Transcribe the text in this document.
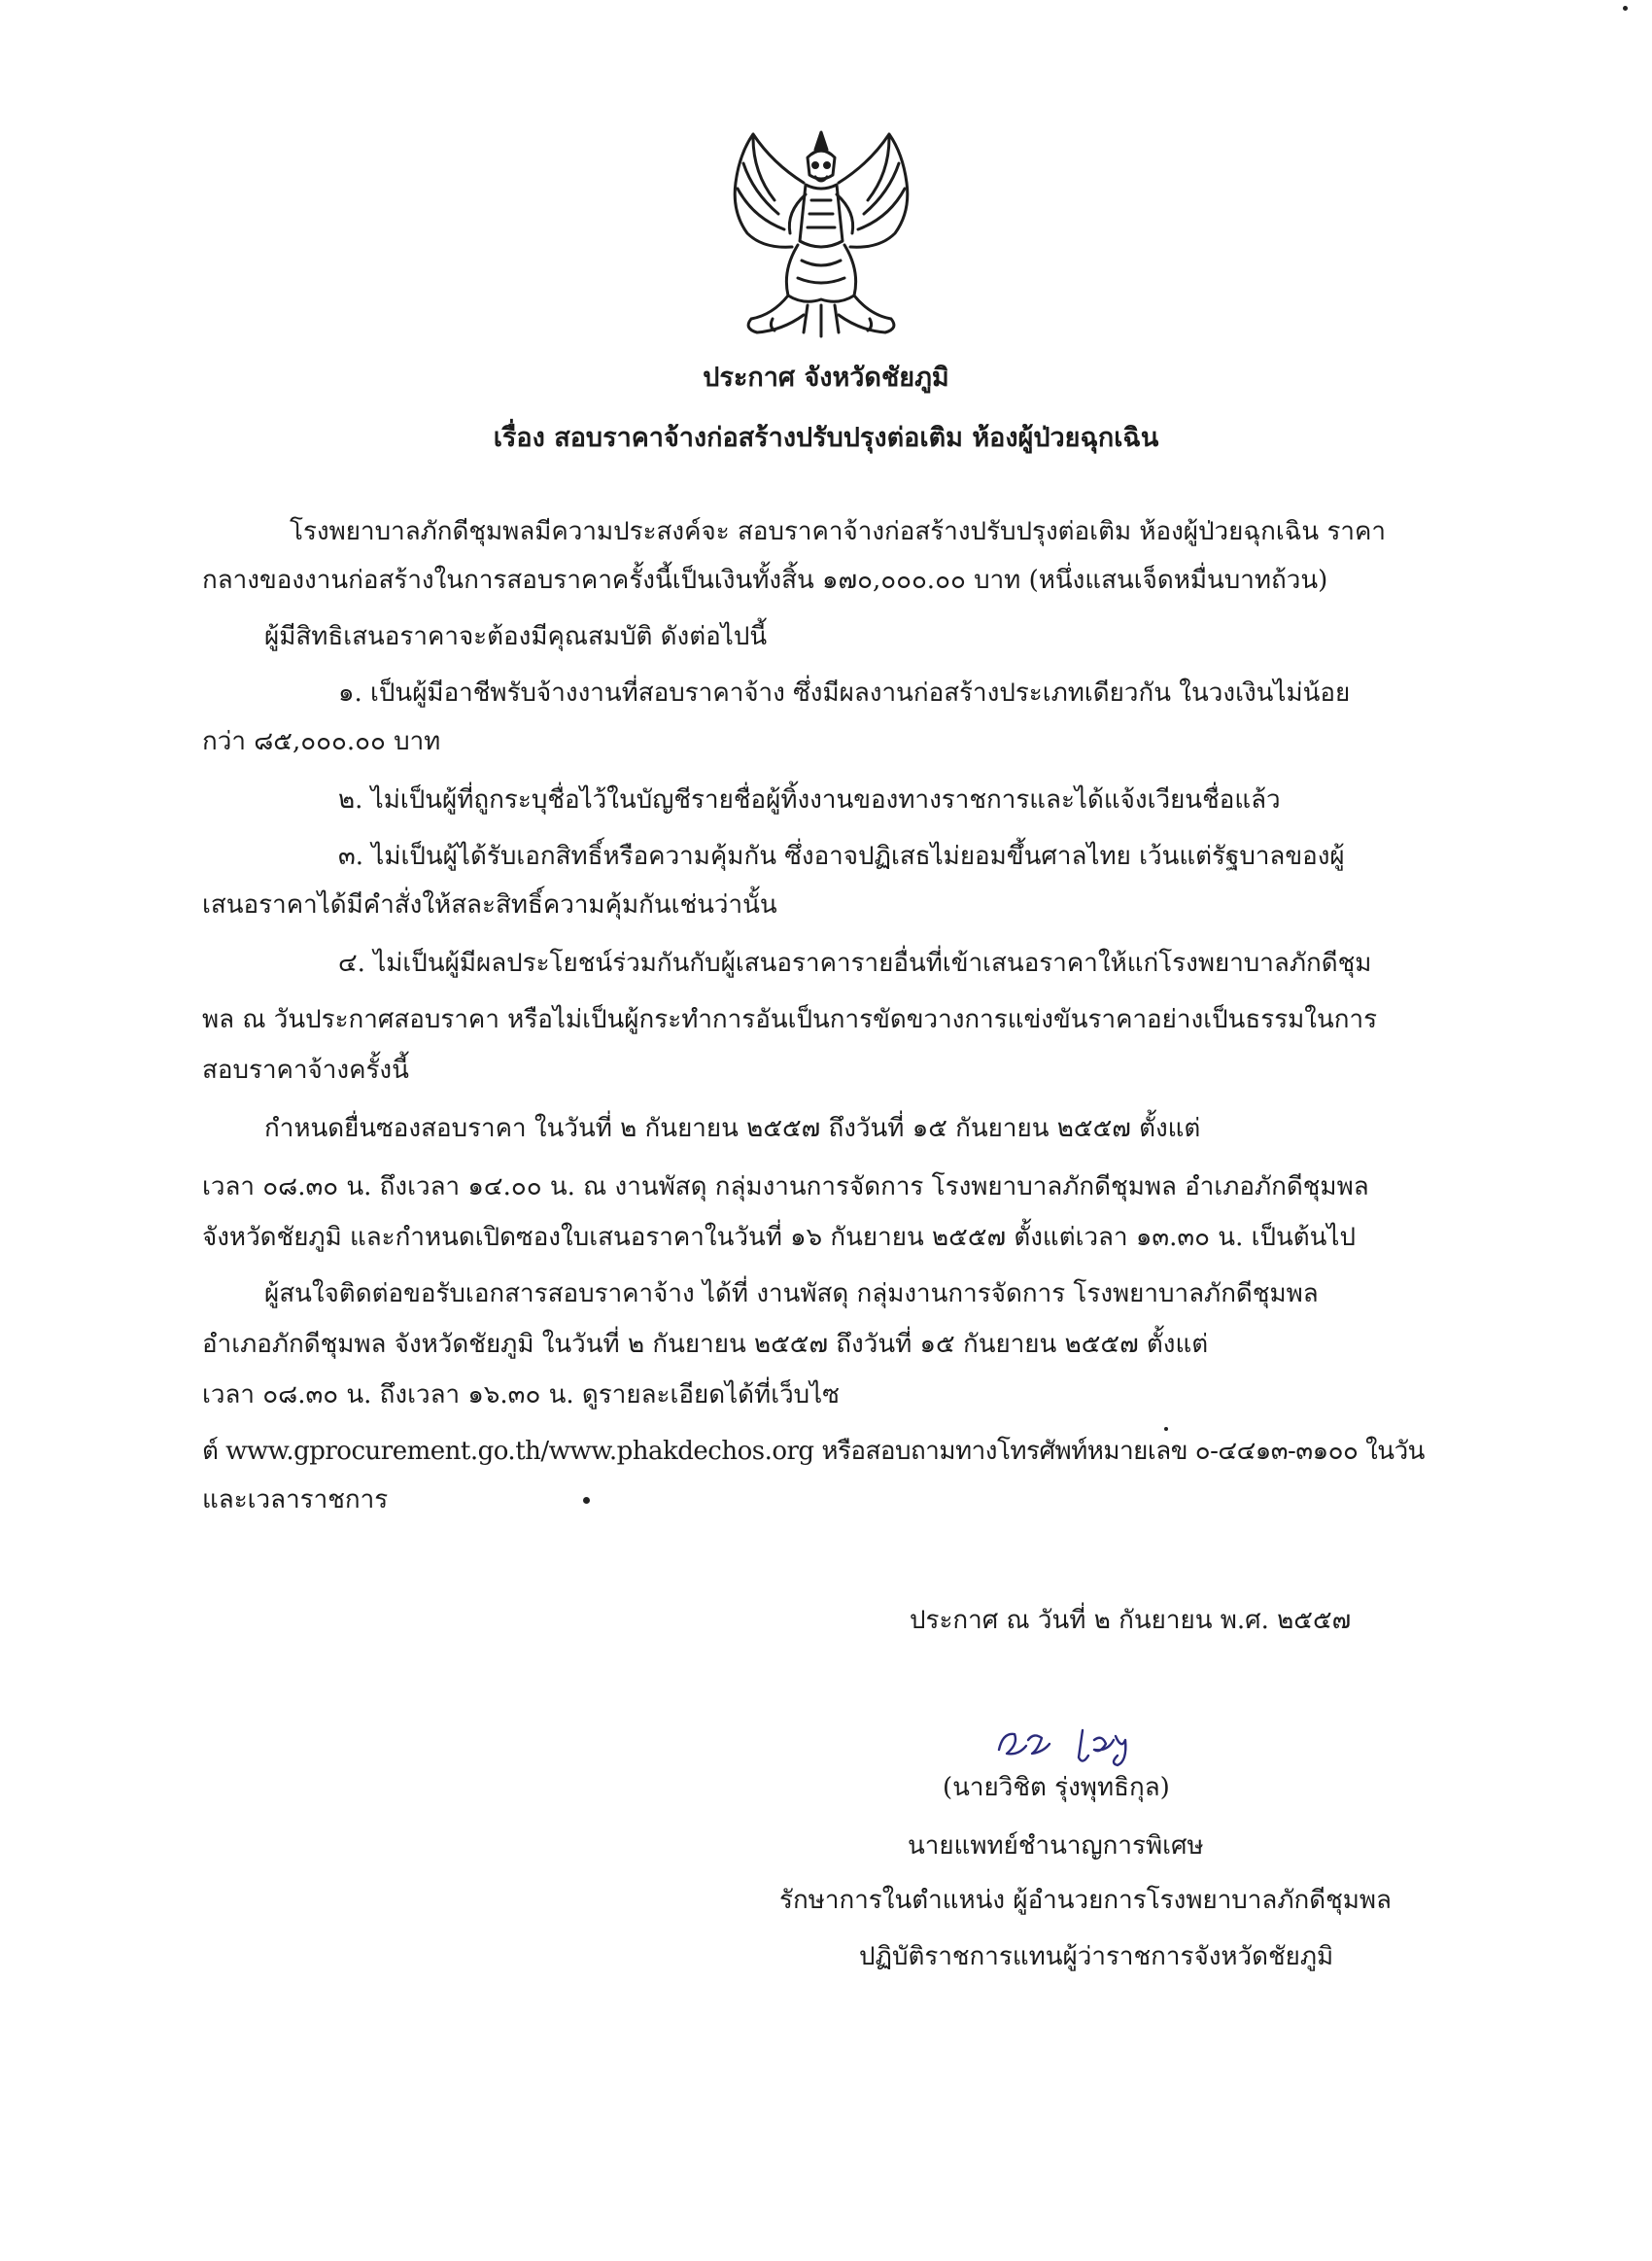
ประกาศ จังหวัดชัยภูมิ
เรื่อง สอบราคาจ้างก่อสร้างปรับปรุงต่อเติม ห้องผู้ป่วยฉุกเฉิน
โรงพยาบาลภักดีชุมพลมีความประสงค์จะ สอบราคาจ้างก่อสร้างปรับปรุงต่อเติม ห้องผู้ป่วยฉุกเฉิน ราคา
กลางของงานก่อสร้างในการสอบราคาครั้งนี้เป็นเงินทั้งสิ้น ๑๗๐,๐๐๐.๐๐ บาท (หนึ่งแสนเจ็ดหมื่นบาทถ้วน)
ผู้มีสิทธิเสนอราคาจะต้องมีคุณสมบัติ ดังต่อไปนี้
๑. เป็นผู้มีอาชีพรับจ้างงานที่สอบราคาจ้าง ซึ่งมีผลงานก่อสร้างประเภทเดียวกัน ในวงเงินไม่น้อย
กว่า ๘๕,๐๐๐.๐๐ บาท
๒. ไม่เป็นผู้ที่ถูกระบุชื่อไว้ในบัญชีรายชื่อผู้ทิ้งงานของทางราชการและได้แจ้งเวียนชื่อแล้ว
๓. ไม่เป็นผู้ได้รับเอกสิทธิ์หรือความคุ้มกัน ซึ่งอาจปฏิเสธไม่ยอมขึ้นศาลไทย เว้นแต่รัฐบาลของผู้
เสนอราคาได้มีคำสั่งให้สละสิทธิ์ความคุ้มกันเช่นว่านั้น
๔. ไม่เป็นผู้มีผลประโยชน์ร่วมกันกับผู้เสนอราคารายอื่นที่เข้าเสนอราคาให้แก่โรงพยาบาลภักดีชุม
พล ณ วันประกาศสอบราคา หรือไม่เป็นผู้กระทำการอันเป็นการขัดขวางการแข่งขันราคาอย่างเป็นธรรมในการ
สอบราคาจ้างครั้งนี้
กำหนดยื่นซองสอบราคา ในวันที่ ๒ กันยายน ๒๕๕๗ ถึงวันที่ ๑๕ กันยายน ๒๕๕๗ ตั้งแต่
เวลา ๐๘.๓๐ น. ถึงเวลา ๑๔.๐๐ น. ณ งานพัสดุ กลุ่มงานการจัดการ โรงพยาบาลภักดีชุมพล อำเภอภักดีชุมพล
จังหวัดชัยภูมิ และกำหนดเปิดซองใบเสนอราคาในวันที่ ๑๖ กันยายน ๒๕๕๗ ตั้งแต่เวลา ๑๓.๓๐ น. เป็นต้นไป
ผู้สนใจติดต่อขอรับเอกสารสอบราคาจ้าง ได้ที่ งานพัสดุ กลุ่มงานการจัดการ โรงพยาบาลภักดีชุมพล
อำเภอภักดีชุมพล จังหวัดชัยภูมิ ในวันที่ ๒ กันยายน ๒๕๕๗ ถึงวันที่ ๑๕ กันยายน ๒๕๕๗ ตั้งแต่
เวลา ๐๘.๓๐ น. ถึงเวลา ๑๖.๓๐ น. ดูรายละเอียดได้ที่เว็บไซ
ต์ www.gprocurement.go.th/www.phakdechos.org หรือสอบถามทางโทรศัพท์หมายเลข ๐-๔๔๑๓-๓๑๐๐ ในวัน
และเวลาราชการ
ประกาศ ณ วันที่ ๒ กันยายน พ.ศ. ๒๕๕๗
(นายวิชิต รุ่งพุทธิกุล)
นายแพทย์ชำนาญการพิเศษ
รักษาการในตำแหน่ง ผู้อำนวยการโรงพยาบาลภักดีชุมพล
ปฏิบัติราชการแทนผู้ว่าราชการจังหวัดชัยภูมิ
